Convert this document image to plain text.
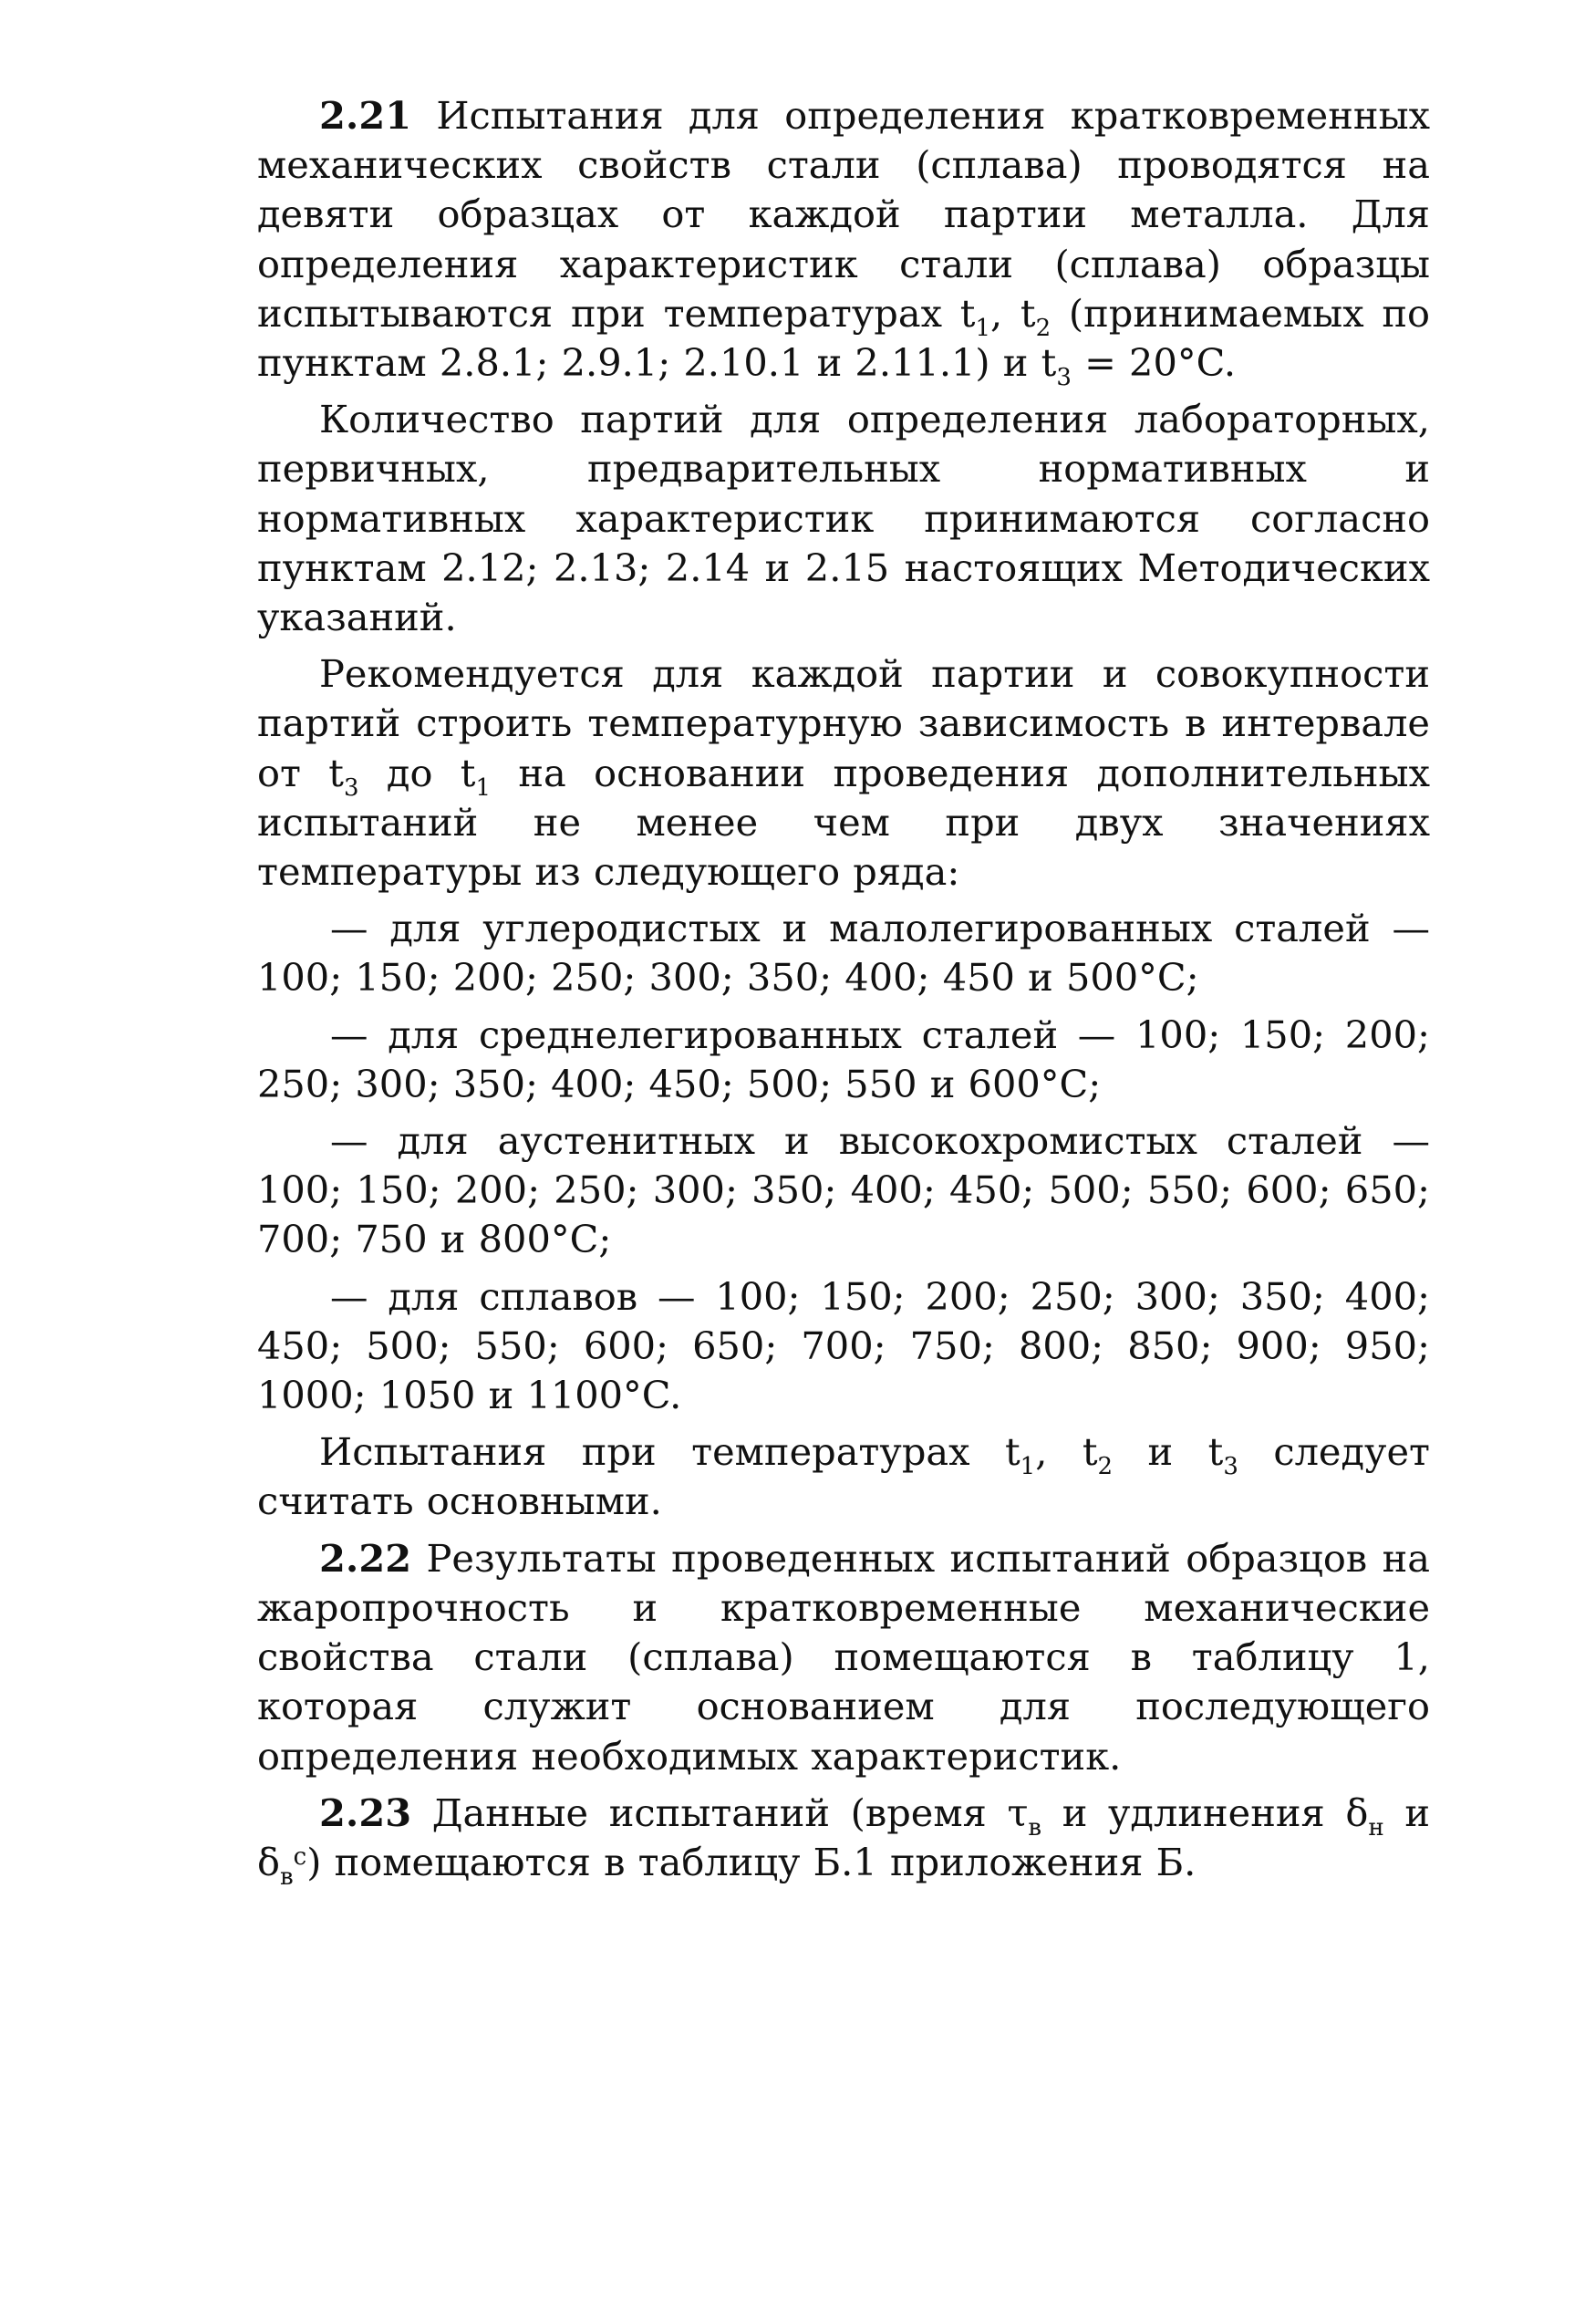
2.21 Испытания для определения кратковременных механических свойств стали (сплава) проводятся на девяти образцах от каждой партии металла. Для определения характеристик стали (сплава) образцы испытываются при температурах $t_1$, $t_2$ (принимаемых по пунктам 2.8.1; 2.9.1; 2.10.1 и 2.11.1) и $t_3 = 20^\circ C$.

Количество партий для определения лабораторных, первичных, предварительных нормативных и нормативных характеристик принимаются согласно пунктам 2.12; 2.13; 2.14 и 2.15 настоящих Методических указаний.

Рекомендуется для каждой партии и совокупности партий строить температурную зависимость в интервале от $t_3$ до $t_1$ на основании проведения дополнительных испытаний не менее чем при двух значениях температуры из следующего ряда:

— для углеродистых и малолегированных сталей — 100; 150; 200; 250; 300; 350; 400; 450 и 500°C;

— для среднелегированных сталей — 100; 150; 200; 250; 300; 350; 400; 450; 500; 550 и 600°C;

— для аустенитных и высокохромистых сталей — 100; 150; 200; 250; 300; 350; 400; 450; 500; 550; 600; 650; 700; 750 и 800°C;

— для сплавов — 100; 150; 200; 250; 300; 350; 400; 450; 500; 550; 600; 650; 700; 750; 800; 850; 900; 950; 1000; 1050 и 1100°C.

Испытания при температурах $t_1$, $t_2$ и $t_3$ следует считать основными.

2.22 Результаты проведенных испытаний образцов на жаропрочность и кратковременные механические свойства стали (сплава) помещаются в таблицу 1, которая служит основанием для последующего определения необходимых характеристик.

2.23 Данные испытаний (время $\tau_в$ и удлинения $\delta_н$ и $\delta_в^с$) помещаются в таблицу Б.1 приложения Б.
